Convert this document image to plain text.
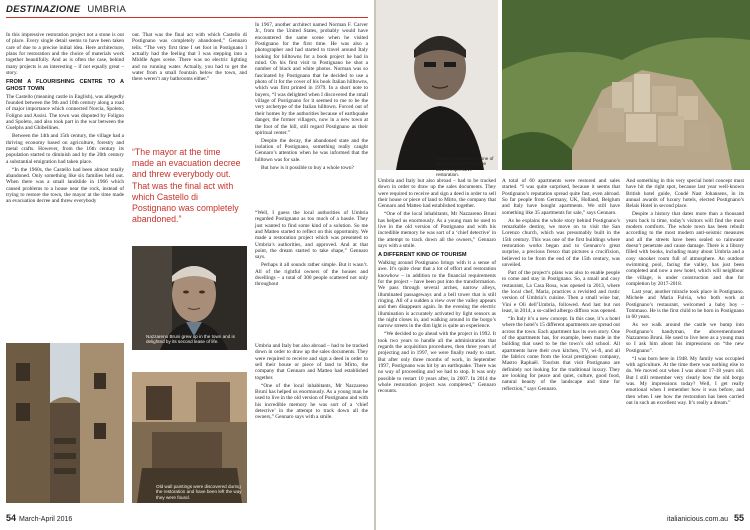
DESTINAZIONE UMBRIA

In this impressive restoration project not a stone is out of place. Every single detail seems to have been taken care of due to a precise initial idea. Here architecture, plans for restoration and the choice of materials work together beautifully. And as is often the case, behind many projects is an interesting – if not equally great – story.

FROM A FLOURISHING CENTRE TO A GHOST TOWN

The Castello (meaning castle in English), was allegedly founded between the 9th and 10th century along a road of major importance which connected Norcia, Spoleto, Foligno and Assisi. The town was disputed by Foligno and Spoleto, and also took part in the war between the Guelphs and Ghibellines.

Between the 14th and 15th century, the village had a thriving economy based on agriculture, forestry and metal crafts. However, from the 16th century its population started to diminish and by the 20th century a substantial emigration had taken place.

“In the 1960s, the Castello had been almost totally abandoned. Only something like six families held out. When there was a small landslide in 1966 which caused problems to a house near the rock, instead of trying to restore the town, the mayor at the time made an evacuation decree and threw everybody

out. That was the final act with which Castello di Postignano was completely abandoned,” Gennaro tells. “The very first time I set foot in Postignano I actually had the feeling that I was stepping into a Middle Ages scene. There was no electric lighting and no running water. Actually, you had to get the water from a small fountain below the town, and there weren’t any bathrooms either.”

“The mayor at the time made an evacuation decree and threw everybody out. That was the final act with which Castello di Postignano was completely abandoned.”
Nazzareno Bruni grew up in the town and is delighted by its second lease of life.

In 1967, another architect named Norman F. Carver Jr., from the United States, probably would have encountered the same scene when he visited Postignano for the first time. He was also a photographer and had started to travel around Italy looking for hilltowns for a book project he had in mind. On his first visit to Postignano he shot a number of black and white photos. Norman was so fascinated by Postignano that he decided to use a photo of it for the cover of his book Italian hilltowns, which was first printed in 1979. In a short note to buyers, “I was delighted when I discovered the small village of Postignano for it seemed to me to be the very archetype of the Italian hilltown. Forced out of their homes by the authorities because of earthquake danger, the former villagers, now in a new town at the foot of the hill, still regard Postignano as their spiritual center.”

Despite the decay, the abandoned state and the isolation of Postignano, something really caught Gennaro’s attention when he was informed that the hilltown was for sale.

But how is it possible to buy a whole town?

“Well, I guess the local authorities of Umbria regarded Postignano as too much of a hassle. They just wanted to find some kind of a solution. So me and Matteo started to reflect on this opportunity. We made a restoration project which was presented to Umbria’s authorities, and approved. And at that point, the dream started to take shape,” Gennaro says.

Perhaps it all sounds rather simple. But it wasn’t. All of the rightful owners of the houses and dwellings – a total of 300 people scattered not only throughout

Old wall paintings were discovered during the restoration and have been left the way they were found.

Umbria and Italy but also abroad – had to be tracked down in order to draw up the sales documents. They were required to receive and sign a deed in order to sell their house or piece of land to Mirto, the company that Gennaro and Matteo had established together.

“One of the local inhabitants, Mr Nazzareno Bruni has helped us enormously. As a young man he used to live in the old version of Postignano and with his incredible memory he was sort of a ‘chief detective’ in the attempt to track down all the owners,” Gennaro says with a smile.

54 March-April 2016
Gennaro Masciotta is one of the architects behind the town's impressive restoration.

Umbria and Italy but also abroad – had to be tracked down in order to draw up the sales documents. They were required to receive and sign a deed in order to sell their house or piece of land to Mirto, the company that Gennaro and Matteo had established together.

“One of the local inhabitants, Mr Nazzareno Bruni has helped us enormously. As a young man he used to live in the old version of Postignano and with his incredible memory he was sort of a ‘chief detective’ in the attempt to track down all the owners,” Gennaro says with a smile.

A DIFFERENT KIND OF TOURISM

Walking around Postignano brings with it a sense of awe. It’s quite clear that a lot of effort and restoration knowhow – in addition to the financial requirements for the project – have been put into the transformation. We pass through several arches, narrow alleys, illuminated passageways and a bell tower that is still ringing. All of a sudden a view over the valley appears and then disappears again. In the evening the electric illumination is accurately activated by light sensors as the night closes in, and walking around in the borgo’s narrow streets in the dim light is quite an experience.

“We decided to go ahead with the project in 1992. It took two years to handle all the administration that regards the acquisition procedures, then three years of projecting and in 1997, we were finally ready to start. But after only three months of work, in September 1997, Postignano was hit by an earthquake. There was no way of proceeding and we had to stop. It was only possible to restart 10 years after, in 2007. In 2014 the whole restoration project was completed,” Gennaro recounts.

A total of 60 apartments were restored and sales started. “I was quite surprised, because it seems that Postignano’s reputation spread quite fast, even abroad. So far people from Germany, UK, Holland, Belgium and Italy have bought apartments. We still have something like 35 apartments for sale,” says Gennaro.

As he explains the whole story behind Postignano’s remarkable destiny, we move on to visit the San Lorenzo church, which was presumably built in the 15th century. This was one of the first buildings where restoration works began and to Gennaro’s great surprise, a precious fresco that pictures a crucifixion, believed to be from the end of the 15th century, was unveiled.

Part of the project’s plans was also to enable people to come and stay in Postignano. So, a small and cosy restaurant, La Casa Rosa, was opened in 2013, where the local chef, Maria, practices a revisited and rustic version of Umbria’s cuisine. Then a small wine bar, Vini e Oli dell’Umbria, followed. And last but not least, in 2014, a so-called albergo diffuso was opened.

“In Italy it’s a new concept. In this case, it’s a hotel where the hotel’s 15 different apartments are spread out across the town. Each apartment has its own story. One of the apartments has, for example, been made in the building that used to be the town’s old school. All apartments have their own kitchen, TV, wi-fi, and all the fabrics come from the local prestigious company, Mastro Raphaël. Tourists that visit Postignano are definitely not looking for the traditional luxury. They are looking for peace and quiet, culture, good food, natural beauty of the landscape and time for reflection,” says Gennaro.

And something in this very special hotel concept must have hit the right spot, because last year well-known British hotel guide, Condé Nast Johansens, in its annual awards of luxury hotels, elected Postignano’s Relais Hotel in second place.

Despite a history that dates more than a thousand years back in time, today’s visitors will find the most modern comforts. The whole town has been rebuilt according to the most modern anti-seismic measures and all the streets have been sealed so rainwater doesn’t penetrate and cause damage. There is a library filled with books, including many about Umbria and a cosy snooker room full of atmosphere. An outdoor swimming pool, facing the valley, has just been completed and now a new hotel, which will neighbour the village, is under construction and due for completion by 2017-2018.

Last year, another miracle took place in Postignano. Michele and Maria Fulvia, who both work at Postignano’s restaurant, welcomed a baby boy – Tommaso. He is the first child to be born in Postignano in 60 years.

As we walk around the castle we bump into Postignano’s handyman, the abovementioned Nazzareno Bruni. He used to live here as a young man so I ask him about his impressions on “the new Postignano”.

“I was born here in 1948. My family was occupied with agriculture. At the time there was nothing else to do. We moved out when I was about 17-18 years old. But I still remember very clearly how the old borgo was. My impressions today? Well, I get really emotional when I remember how it was before, and then when I see how the restoration has been carried out in such an excellent way. It’s really a dream.”

italianicious.com.au 55
